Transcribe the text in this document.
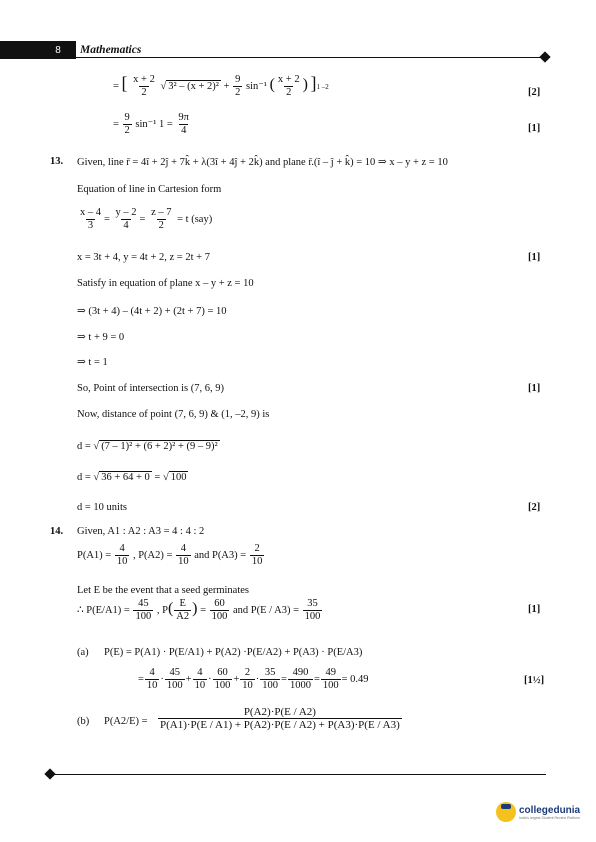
8	Mathematics
= [ $\frac{x + 2}{2}$ √ $3^2 - (x + 2)^2 + \frac{9}{2} \sin^{-1}$ ( $\frac{x + 2}{2}$ ) ]1 –2	[2]
= $\frac{9}{2} \sin^{-1}$ $1 = \frac{9\pi}{4}$	[1]
13. Given, line r̄ = 4î + 2ĵ + 7k̂ + λ(3î + 4ĵ + 2k̂) and plane r̄.(î – ĵ + k̂) = 10 ⇒ x – y + z = 10
Equation of line in Cartesion form
$\frac{x - 4}{3} = \frac{y - 2}{4} = \frac{z - 7}{2} = t$ (say)
x = 3t + 4, y = 4t + 2, z = 2t + 7	[1]
Satisfy in equation of plane x – y + z = 10
⇒ (3t + 4) – (4t + 2) + (2t + 7) = 10
⇒ t + 9 = 0
⇒ t = 1
So, Point of intersection is (7, 6, 9)	[1]
Now, distance of point (7, 6, 9) & (1, –2, 9) is
d = √ (7 – 1)² + (6 + 2)² + (9 – 9)²
d = √ 36 + 64 + 0 = √ 100
d = 10 units	[2]
14. Given, A1 : A2 : A3 = 4 : 4 : 2
$P(A1) = \frac{4}{10}$ , $P(A2) = \frac{4}{10}$ and $P(A3) = \frac{2}{10}$
Let E be the event that a seed germinates
∴ $P(E/A1) = \frac{45}{100}$ , $P( \frac{E}{A2}$ ) = $\frac{60}{100}$ and $P(E / A3) = \frac{35}{100}$	[1]
(a) P(E) = P(A1) · P(E/A1) + P(A2) ·P(E/A2) + P(A3) · P(E/A3)
= $\frac{4}{10} \cdot \frac{45}{100} + \frac{4}{10} \cdot \frac{60}{100} + \frac{2}{10} \cdot \frac{35}{100} = \frac{490}{1000} = \frac{49}{100} = 0.49$	[1½]
(b) $P(A2/E) = \frac{P(A2)\cdot P(E / A2)}{P(A1)\cdot P(E / A1) + P(A2)\cdot P(E / A2) + P(A3)\cdot P(E / A3)}$
collegedunia
India's largest Student Review Platform
